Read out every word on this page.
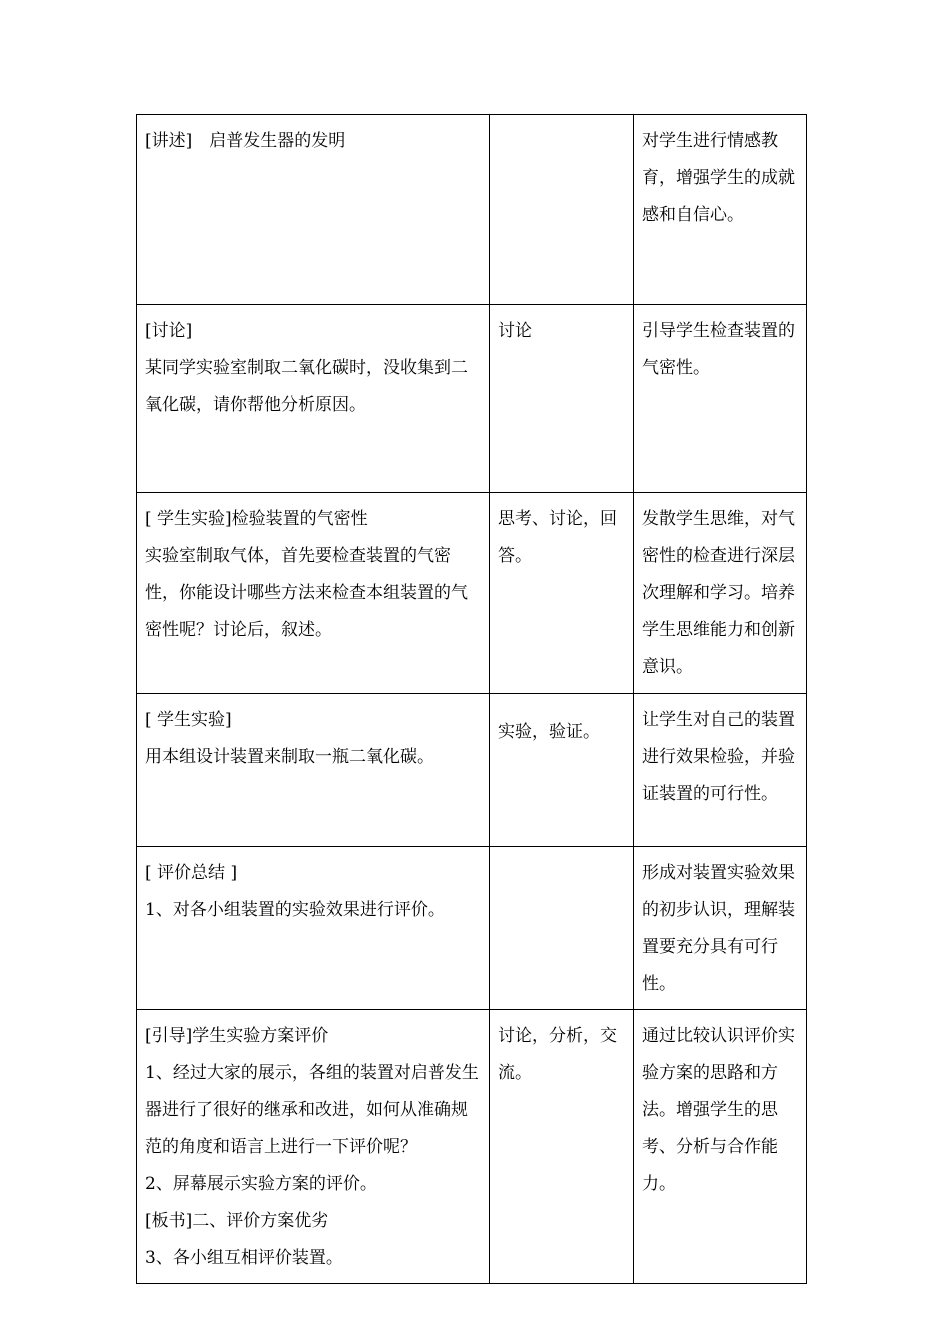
[讲述]　启普发生器的发明		对学生进行情感教育，增强学生的成就感和自信心。

[讨论]
某同学实验室制取二氧化碳时，没收集到二氧化碳，请你帮他分析原因。	讨论	引导学生检查装置的气密性。

[ 学生实验]检验装置的气密性
实验室制取气体，首先要检查装置的气密性，你能设计哪些方法来检查本组装置的气密性呢？讨论后，叙述。	思考、讨论，回答。	发散学生思维，对气密性的检查进行深层次理解和学习。培养学生思维能力和创新意识。

[ 学生实验]
用本组设计装置来制取一瓶二氧化碳。	实验，验证。	让学生对自己的装置进行效果检验，并验证装置的可行性。

[ 评价总结 ]
1、对各小组装置的实验效果进行评价。		形成对装置实验效果的初步认识，理解装置要充分具有可行性。

[引导]学生实验方案评价
1、经过大家的展示，各组的装置对启普发生器进行了很好的继承和改进，如何从准确规范的角度和语言上进行一下评价呢？
2、屏幕展示实验方案的评价。
[板书]二、评价方案优劣
3、各小组互相评价装置。	讨论，分析，交流。	通过比较认识评价实验方案的思路和方法。增强学生的思考、分析与合作能力。
